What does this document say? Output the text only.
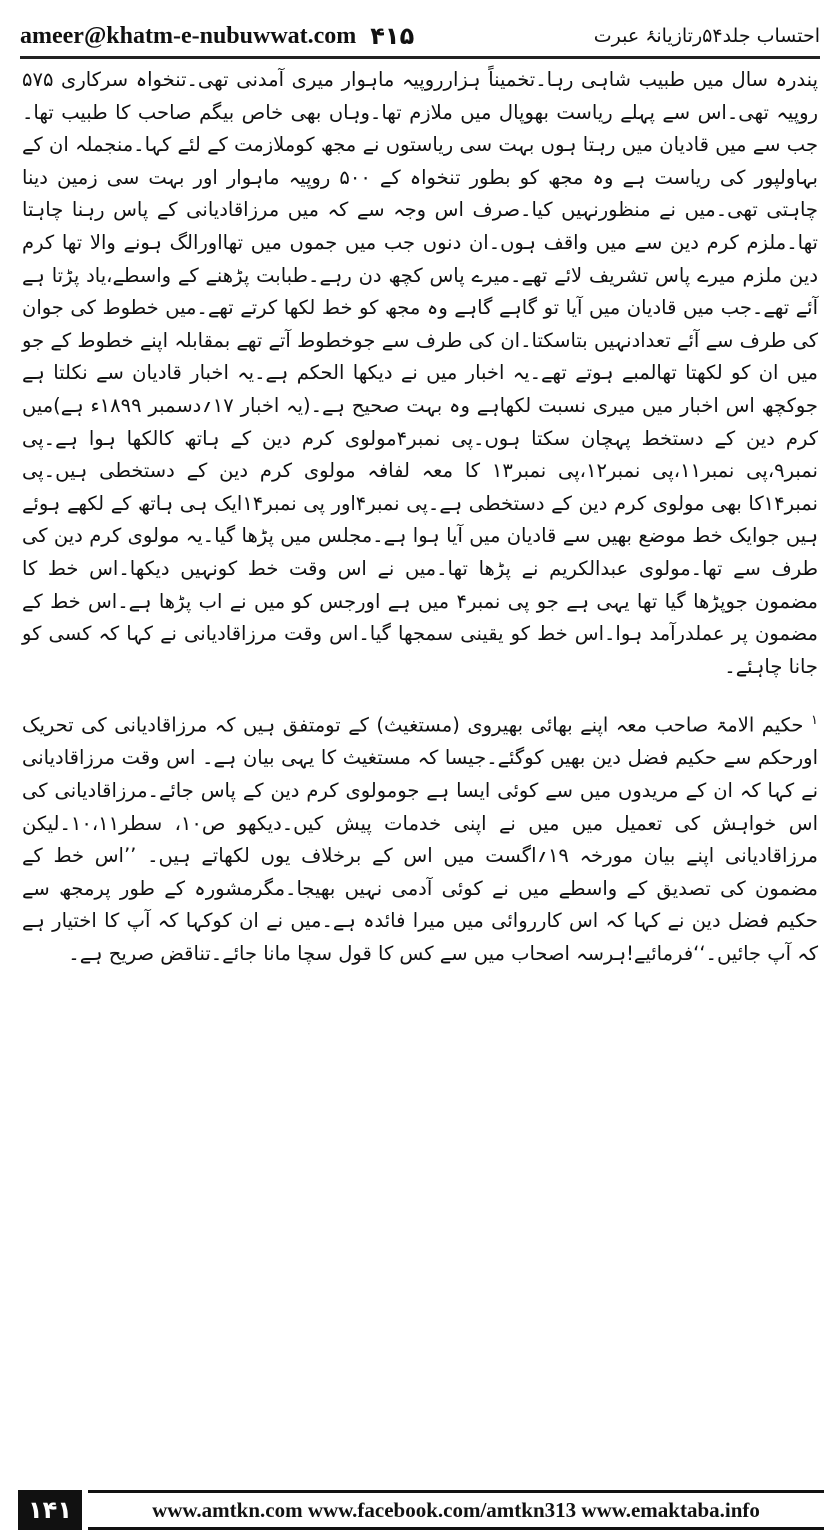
ameer@khatm-e-nubuwwat.com ۴۱۵	احتساب جلد۵۴رتازیانۂ عبرت

پندرہ سال میں طبیب شاہی رہا۔تخمیناً ہزارروپیہ ماہوار میری آمدنی تھی۔تنخواہ سرکاری ۵۷۵ روپیہ تھی۔اس سے پہلے ریاست بھوپال میں ملازم تھا۔وہاں بھی خاص بیگم صاحب کا طبیب تھا۔ جب سے میں قادیان میں رہتا ہوں بہت سی ریاستوں نے مجھ کوملازمت کے لئے کہا۔منجملہ ان کے بہاولپور کی ریاست ہے وہ مجھ کو بطور تنخواہ کے ۵۰۰ روپیہ ماہوار اور بہت سی زمین دینا چاہتی تھی۔میں نے منظورنہیں کیا۔صرف اس وجہ سے کہ میں مرزاقادیانی کے پاس رہنا چاہتا تھا۔ملزم کرم دین سے میں واقف ہوں۔ان دنوں جب میں جموں میں تھااورالگ ہونے والا تھا کرم دین ملزم میرے پاس تشریف لائے تھے۔میرے پاس کچھ دن رہے۔طبابت پڑھنے کے واسطے،یاد پڑتا ہے آئے تھے۔جب میں قادیان میں آیا تو گاہے گاہے وہ مجھ کو خط لکھا کرتے تھے۔میں خطوط کی جوان کی طرف سے آئے تعدادنہیں بتاسکتا۔ان کی طرف سے جوخطوط آتے تھے بمقابلہ اپنے خطوط کے جو میں ان کو لکھتا تھالمبے ہوتے تھے۔یہ اخبار میں نے دیکھا الحکم ہے۔یہ اخبار قادیان سے نکلتا ہے جوکچھ اس اخبار میں میری نسبت لکھاہے وہ بہت صحیح ہے۔(یہ اخبار ۱۷؍دسمبر ۱۸۹۹ء ہے)میں کرم دین کے دستخط پہچان سکتا ہوں۔پی نمبر۴مولوی کرم دین کے ہاتھ کالکھا ہوا ہے۔پی نمبر۹،پی نمبر۱۱،پی نمبر۱۲،پی نمبر۱۳ کا معہ لفافہ مولوی کرم دین کے دستخطی ہیں۔پی نمبر۱۴کا بھی مولوی کرم دین کے دستخطی ہے۔پی نمبر۴اور پی نمبر۱۴ایک ہی ہاتھ کے لکھے ہوئے ہیں جوایک خط موضع بھیں سے قادیان میں آیا ہوا ہے۔مجلس میں پڑھا گیا۔یہ مولوی کرم دین کی طرف سے تھا۔مولوی عبدالکریم نے پڑھا تھا۔میں نے اس وقت خط کونہیں دیکھا۔اس خط کا مضمون جوپڑھا گیا تھا یہی ہے جو پی نمبر۴ میں ہے اورجس کو میں نے اب پڑھا ہے۔اس خط کے مضمون پر عملدرآمد ہوا۔اس خط کو یقینی سمجھا گیا۔اس وقت مرزاقادیانی نے کہا کہ کسی کو جانا چاہئے۔

$^۱$ حکیم الامۃ صاحب معہ اپنے بھائی بھیروی (مستغیث) کے تومتفق ہیں کہ مرزاقادیانی کی تحریک اورحکم سے حکیم فضل دین بھیں کوگئے۔جیسا کہ مستغیث کا یہی بیان ہے۔ اس وقت مرزاقادیانی نے کہا کہ ان کے مریدوں میں سے کوئی ایسا ہے جومولوی کرم دین کے پاس جائے۔مرزاقادیانی کی اس خواہش کی تعمیل میں میں نے اپنی خدمات پیش کیں۔دیکھو ص۱۰، سطر۱۰،۱۱۔لیکن مرزاقادیانی اپنے بیان مورخہ ۱۹؍اگست میں اس کے برخلاف یوں لکھاتے ہیں۔ ’’اس خط کے مضمون کی تصدیق کے واسطے میں نے کوئی آدمی نہیں بھیجا۔مگرمشورہ کے طور پرمجھ سے حکیم فضل دین نے کہا کہ اس کارروائی میں میرا فائدہ ہے۔میں نے ان کوکہا کہ آپ کا اختیار ہے کہ آپ جائیں۔‘‘فرمائیے!ہرسہ اصحاب میں سے کس کا قول سچا مانا جائے۔تناقض صریح ہے۔

۱۴۱	www.amtkn.com www.facebook.com/amtkn313 www.emaktaba.info
